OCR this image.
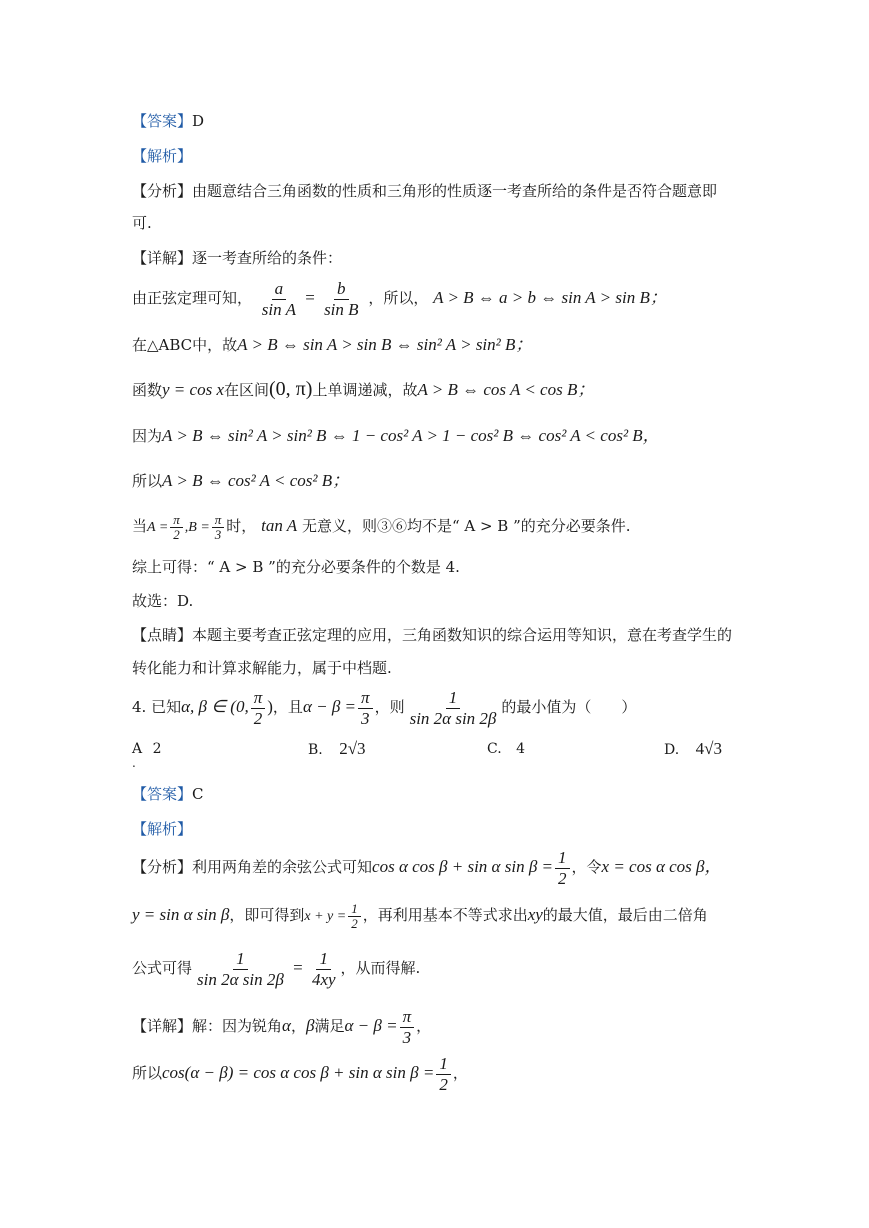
【答案】D
【解析】
【分析】由题意结合三角函数的性质和三角形的性质逐一考查所给的条件是否符合题意即
可.
【详解】逐一考查所给的条件：
由正弦定理可知， $\frac{a}{\text{sin A}} = \frac{b}{\text{sin B}}$ ，所以， A > B ⇔ a > b ⇔ sin A > sin B；
在△ABC中，故A > B ⇔ sin A > sin B ⇔ sin² A > sin² B；
函数y = cos x在区间(0, π)上单调递减，故A > B ⇔ cos A < cos B；
因为A > B ⇔ sin² A > sin² B ⇔ 1 − cos² A > 1 − cos² B ⇔ cos² A < cos² B，
所以A > B ⇔ cos² A < cos² B；
当$A = \frac{\pi}{2} ,B = \frac{\pi}{3}$ 时， tan A 无意义，则③⑥均不是“ A > B ”的充分必要条件.
综上可得：“ A > B ”的充分必要条件的个数是 4.
故选：D.
【点睛】本题主要考查正弦定理的应用，三角函数知识的综合运用等知识，意在考查学生的
转化能力和计算求解能力，属于中档题.
4. 已知α, β ∈ (0, $\frac{\pi}{2}$ )，且$\alpha - \beta = \frac{\pi}{3}$ ，则 $\frac{1}{\text{sin 2α sin 2β}}$ 的最小值为（　　）
A 2
.
B. 2√3	C. 4	D. 4√3
【答案】C
【解析】
【分析】利用两角差的余弦公式可知cos α cos β + sin α $\sin \beta = \frac{1}{2}$ ，令x = cos α cos β，
y = sin α sin β，即可得到$x + y = \frac{1}{2}$ ，再利用基本不等式求出xy的最大值，最后由二倍角
公式可得 $\frac{1}{\text{sin 2α sin 2β}} = \frac{1}{4xy}$ ，从而得解.
【详解】解：因为锐角α，β满足$\alpha - \beta = \frac{\pi}{3}$ ，
所以cos(α − β) = cos α cos β + sin α $\sin \beta = \frac{1}{2}$ ，
